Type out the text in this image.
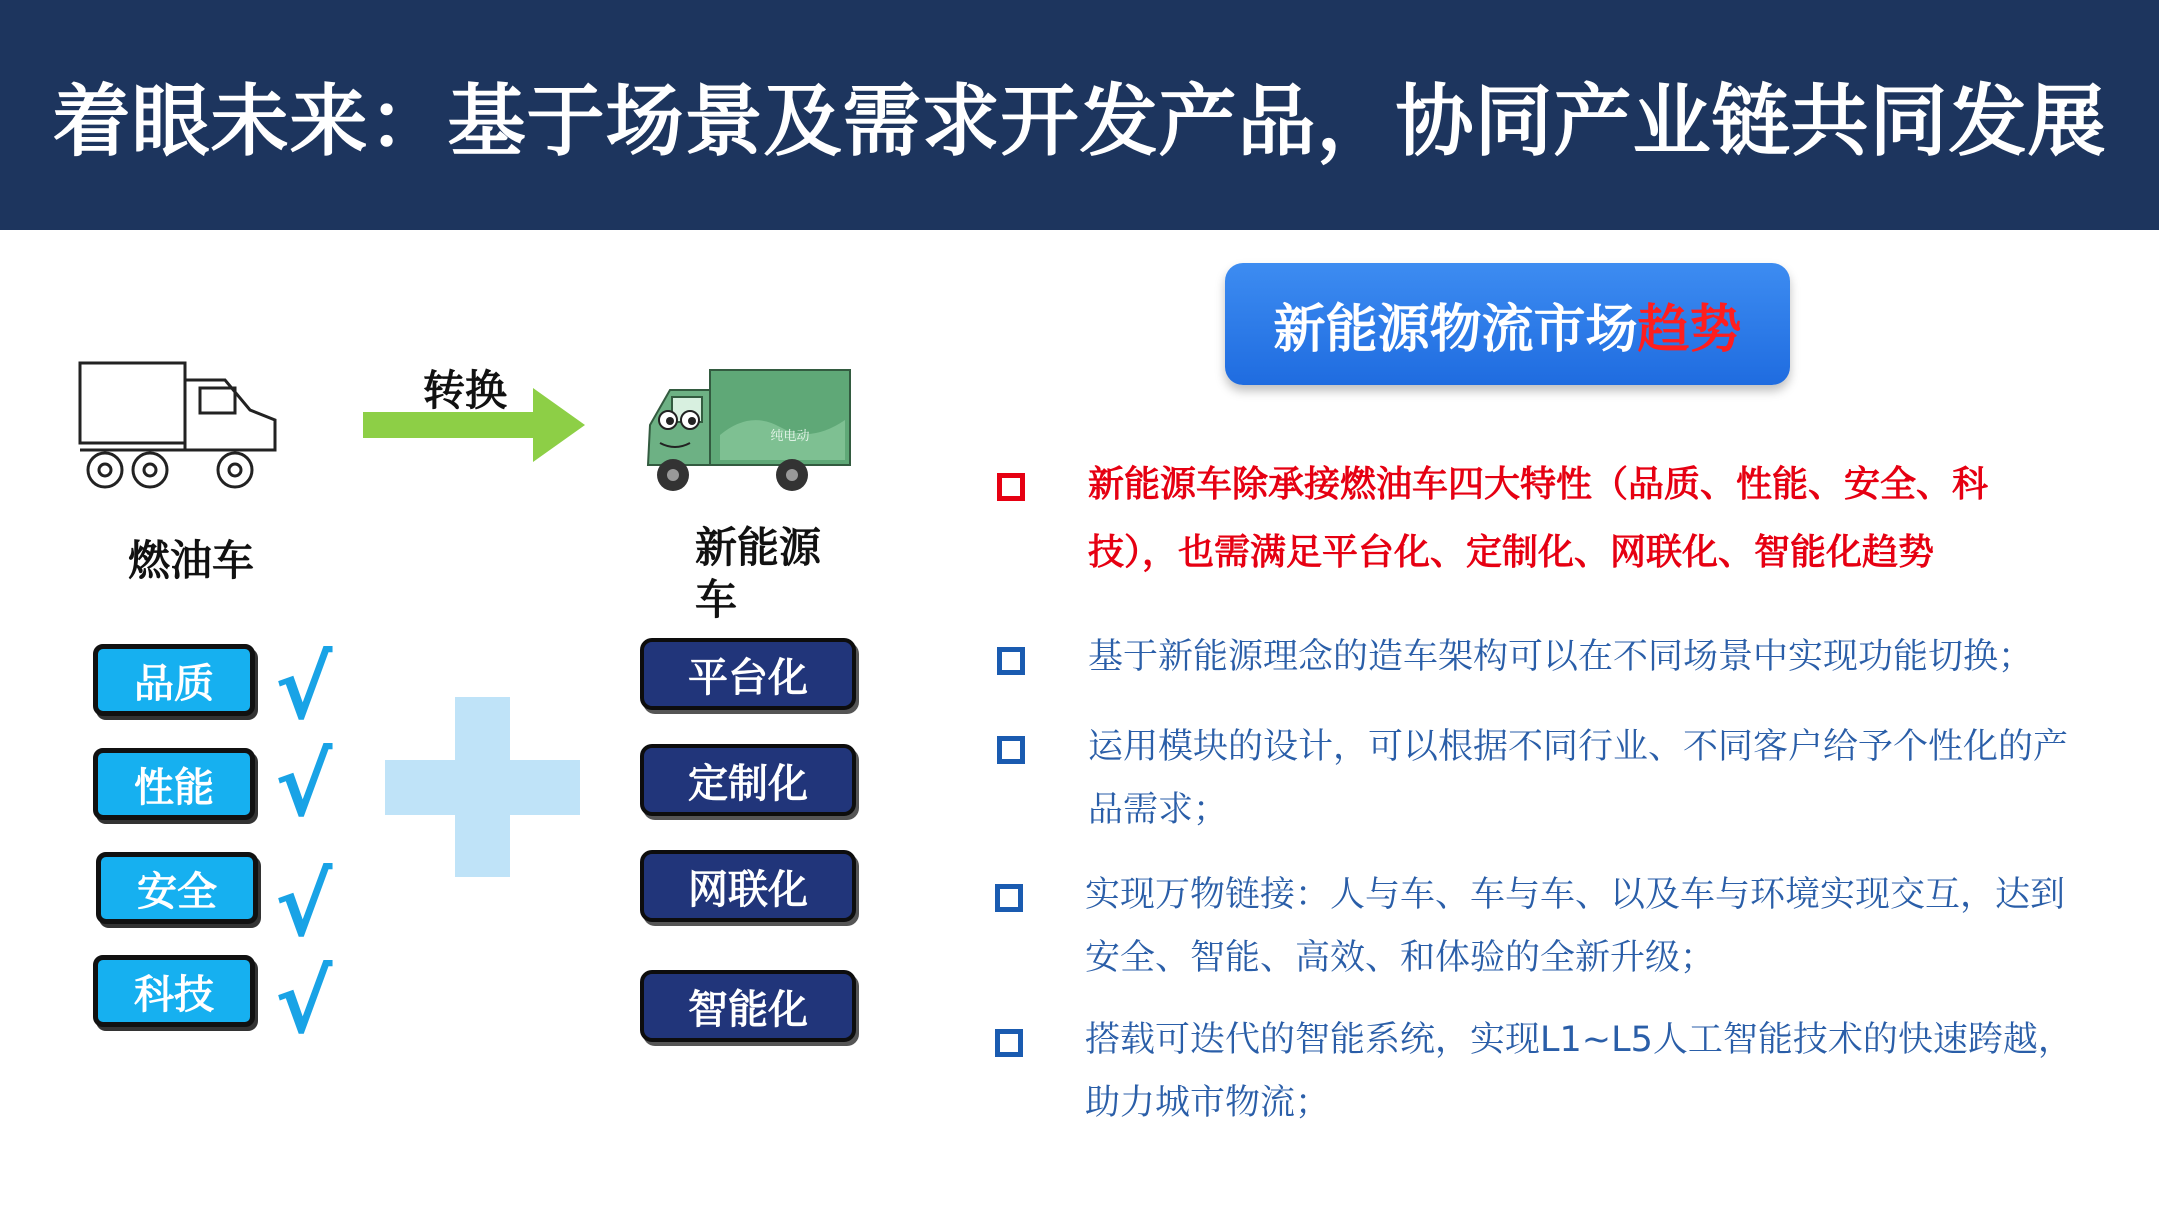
着眼未来：基于场景及需求开发产品，协同产业链共同发展
转换
纯电动
燃油车	新能源
车
品质
性能
安全
科技
√
√
√
√
平台化
定制化
网联化
智能化
新能源物流市场 趋势
新能源车除承接燃油车四大特性（品质、性能、安全、科
技），也需满足平台化、定制化、网联化、智能化趋势
基于新能源理念的造车架构可以在不同场景中实现功能切换；
运用模块的设计，可以根据不同行业、不同客户给予个性化的产
品需求；
实现万物链接：人与车、车与车、以及车与环境实现交互，达到
安全、智能、高效、和体验的全新升级；
搭载可迭代的智能系统，实现L1~L5人工智能技术的快速跨越，
助力城市物流；
